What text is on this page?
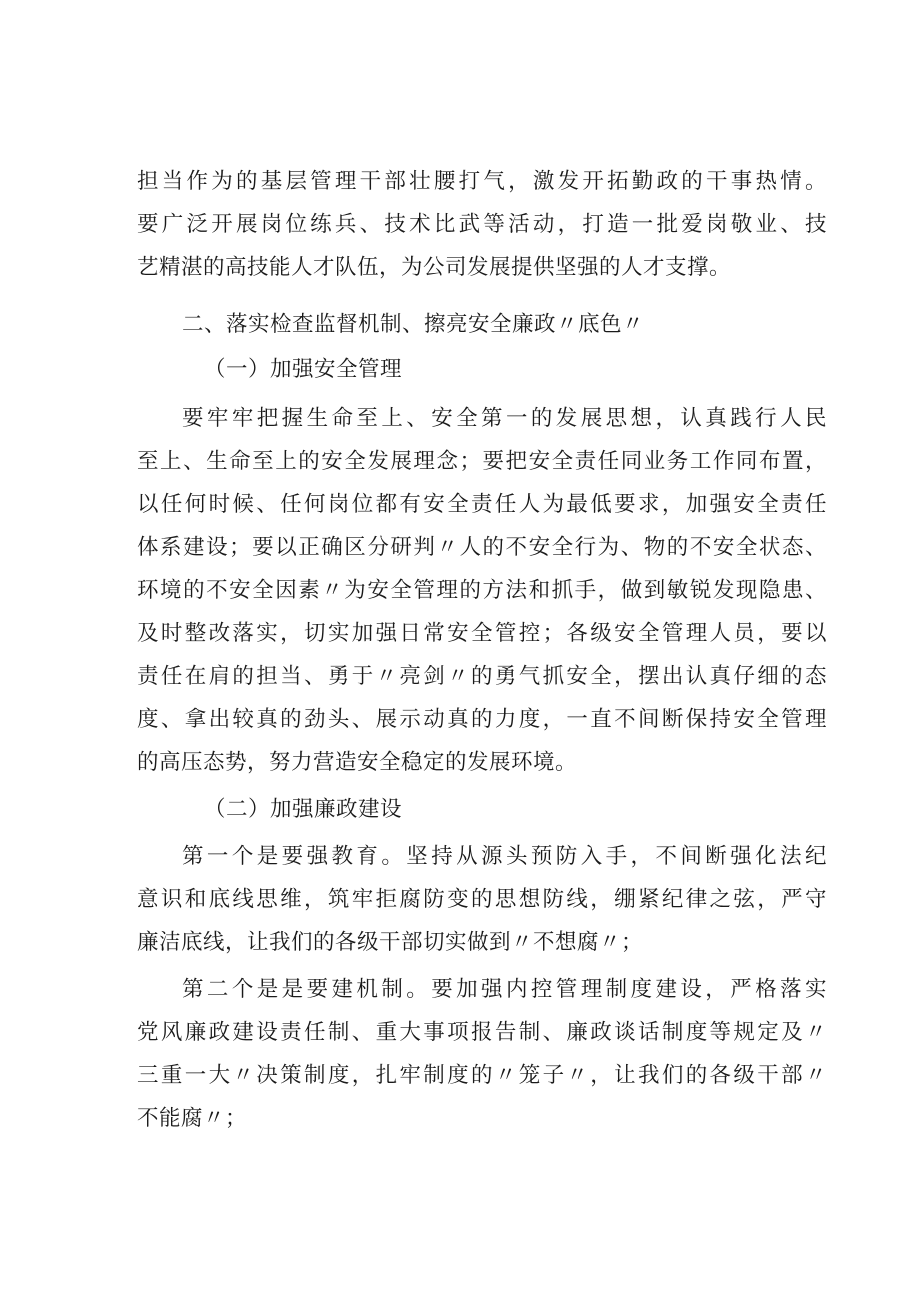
担当作为的基层管理干部壮腰打气，激发开拓勤政的干事热情。
要广泛开展岗位练兵、技术比武等活动，打造一批爱岗敬业、技
艺精湛的高技能人才队伍，为公司发展提供坚强的人才支撑。
二、落实检查监督机制、擦亮安全廉政〃底色〃
（一）加强安全管理
要牢牢把握生命至上、安全第一的发展思想，认真践行人民
至上、生命至上的安全发展理念；要把安全责任同业务工作同布置，
以任何时候、任何岗位都有安全责任人为最低要求，加强安全责任
体系建设；要以正确区分研判〃人的不安全行为、物的不安全状态、
环境的不安全因素〃为安全管理的方法和抓手，做到敏锐发现隐患、
及时整改落实，切实加强日常安全管控；各级安全管理人员，要以
责任在肩的担当、勇于〃亮剑〃的勇气抓安全，摆出认真仔细的态
度、拿出较真的劲头、展示动真的力度，一直不间断保持安全管理
的高压态势，努力营造安全稳定的发展环境。
（二）加强廉政建设
第一个是要强教育。坚持从源头预防入手，不间断强化法纪
意识和底线思维，筑牢拒腐防变的思想防线，绷紧纪律之弦，严守
廉洁底线，让我们的各级干部切实做到〃不想腐〃；
第二个是是要建机制。要加强内控管理制度建设，严格落实
党风廉政建设责任制、重大事项报告制、廉政谈话制度等规定及〃
三重一大〃决策制度，扎牢制度的〃笼子〃，让我们的各级干部〃
不能腐〃；
